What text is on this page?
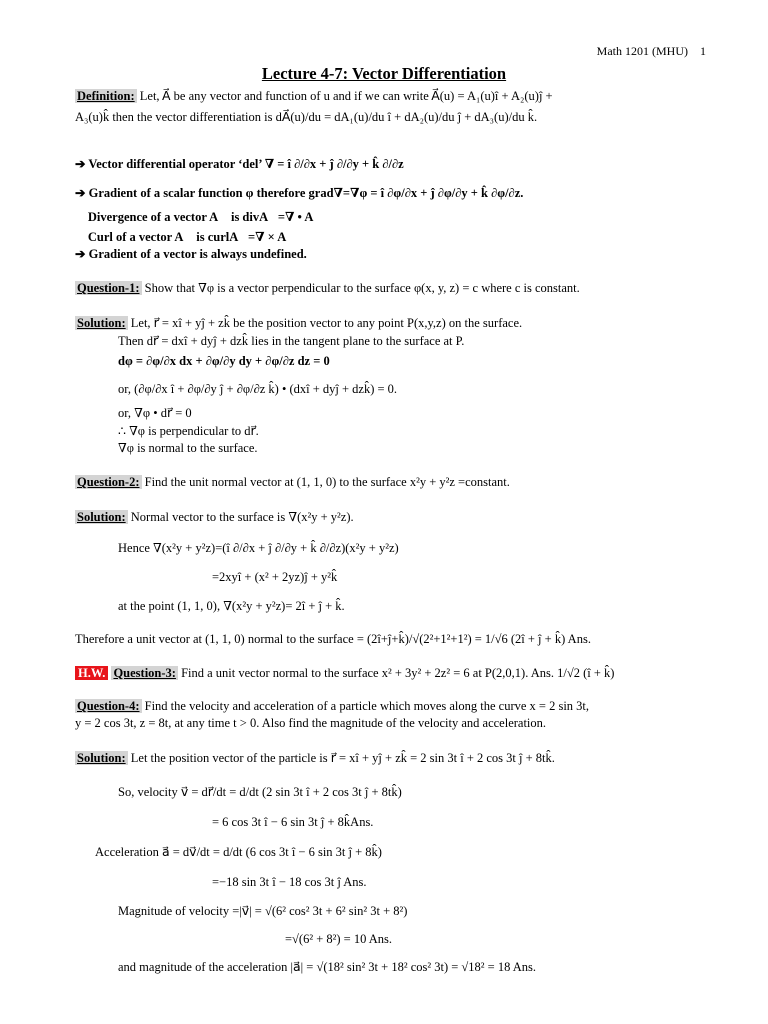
Math 1201 (MHU) 1
Lecture 4-7: Vector Differentiation
Definition: Let, A⃗ be any vector and function of u and if we can write A⃗(u) = A₁(u)î + A₂(u)ĵ +
A₃(u)k̂ then the vector differentiation is dA⃗(u)/du = dA₁(u)/du î + dA₂(u)/du ĵ + dA₃(u)/du k̂.
➔ Vector differential operator ‘del’ ∇ = î ∂/∂x + ĵ ∂/∂y + k̂ ∂/∂z
➔ Gradient of a scalar function φ therefore grad∇=∇φ = î ∂φ/∂x + ĵ ∂φ/∂y + k̂ ∂φ/∂z.
➔ Divergence of a vector A⃗ is divA⃗=∇ • A⃗
➔ Curl of a vector A⃗ is curlA⃗=∇ × A⃗
➔ Gradient of a vector is always undefined.
Question-1: Show that ∇φ is a vector perpendicular to the surface φ(x, y, z) = c where c is constant.
Solution: Let, r⃗ = xî + yĵ + zk̂ be the position vector to any point P(x,y,z) on the surface.
Then dr⃗ = dxî + dyĵ + dzk̂ lies in the tangent plane to the surface at P.
dφ = ∂φ/∂x dx + ∂φ/∂y dy + ∂φ/∂z dz = 0
or, (∂φ/∂x î + ∂φ/∂y ĵ + ∂φ/∂z k̂) • (dxî + dyĵ + dzk̂) = 0.
or, ∇φ • dr⃗ = 0
∴ ∇φ is perpendicular to dr⃗.
∇φ is normal to the surface.
Question-2: Find the unit normal vector at (1, 1, 0) to the surface x²y + y²z =constant.
Solution: Normal vector to the surface is ∇(x²y + y²z).
Hence ∇(x²y + y²z)=(î ∂/∂x + ĵ ∂/∂y + k̂ ∂/∂z)(x²y + y²z)
=2xyî + (x² + 2yz)ĵ + y²k̂
at the point (1, 1, 0), ∇(x²y + y²z)= 2î + ĵ + k̂.
Therefore a unit vector at (1, 1, 0) normal to the surface = (2î+ĵ+k̂)/√(2²+1²+1²) = 1/√6 (2î + ĵ + k̂) Ans.
H.W. Question-3: Find a unit vector normal to the surface x² + 3y² + 2z² = 6 at P(2,0,1). Ans. 1/√2 (î + k̂)
Question-4: Find the velocity and acceleration of a particle which moves along the curve x = 2 sin 3t,
y = 2 cos 3t, z = 8t, at any time t > 0. Also find the magnitude of the velocity and acceleration.
Solution: Let the position vector of the particle is r⃗ = xî + yĵ + zk̂ = 2 sin 3t î + 2 cos 3t ĵ + 8tk̂.
So, velocity v⃗ = dr⃗/dt = d/dt (2 sin 3t î + 2 cos 3t ĵ + 8tk̂)
= 6 cos 3t î − 6 sin 3t ĵ + 8k̂Ans.
Acceleration a⃗ = dv⃗/dt = d/dt (6 cos 3t î − 6 sin 3t ĵ + 8k̂)
=−18 sin 3t î − 18 cos 3t ĵ Ans.
Magnitude of velocity =|v⃗| = √(6² cos² 3t + 6² sin² 3t + 8²)
=√(6² + 8²) = 10 Ans.
and magnitude of the acceleration |a⃗| = √(18² sin² 3t + 18² cos² 3t) = √18² = 18 Ans.
